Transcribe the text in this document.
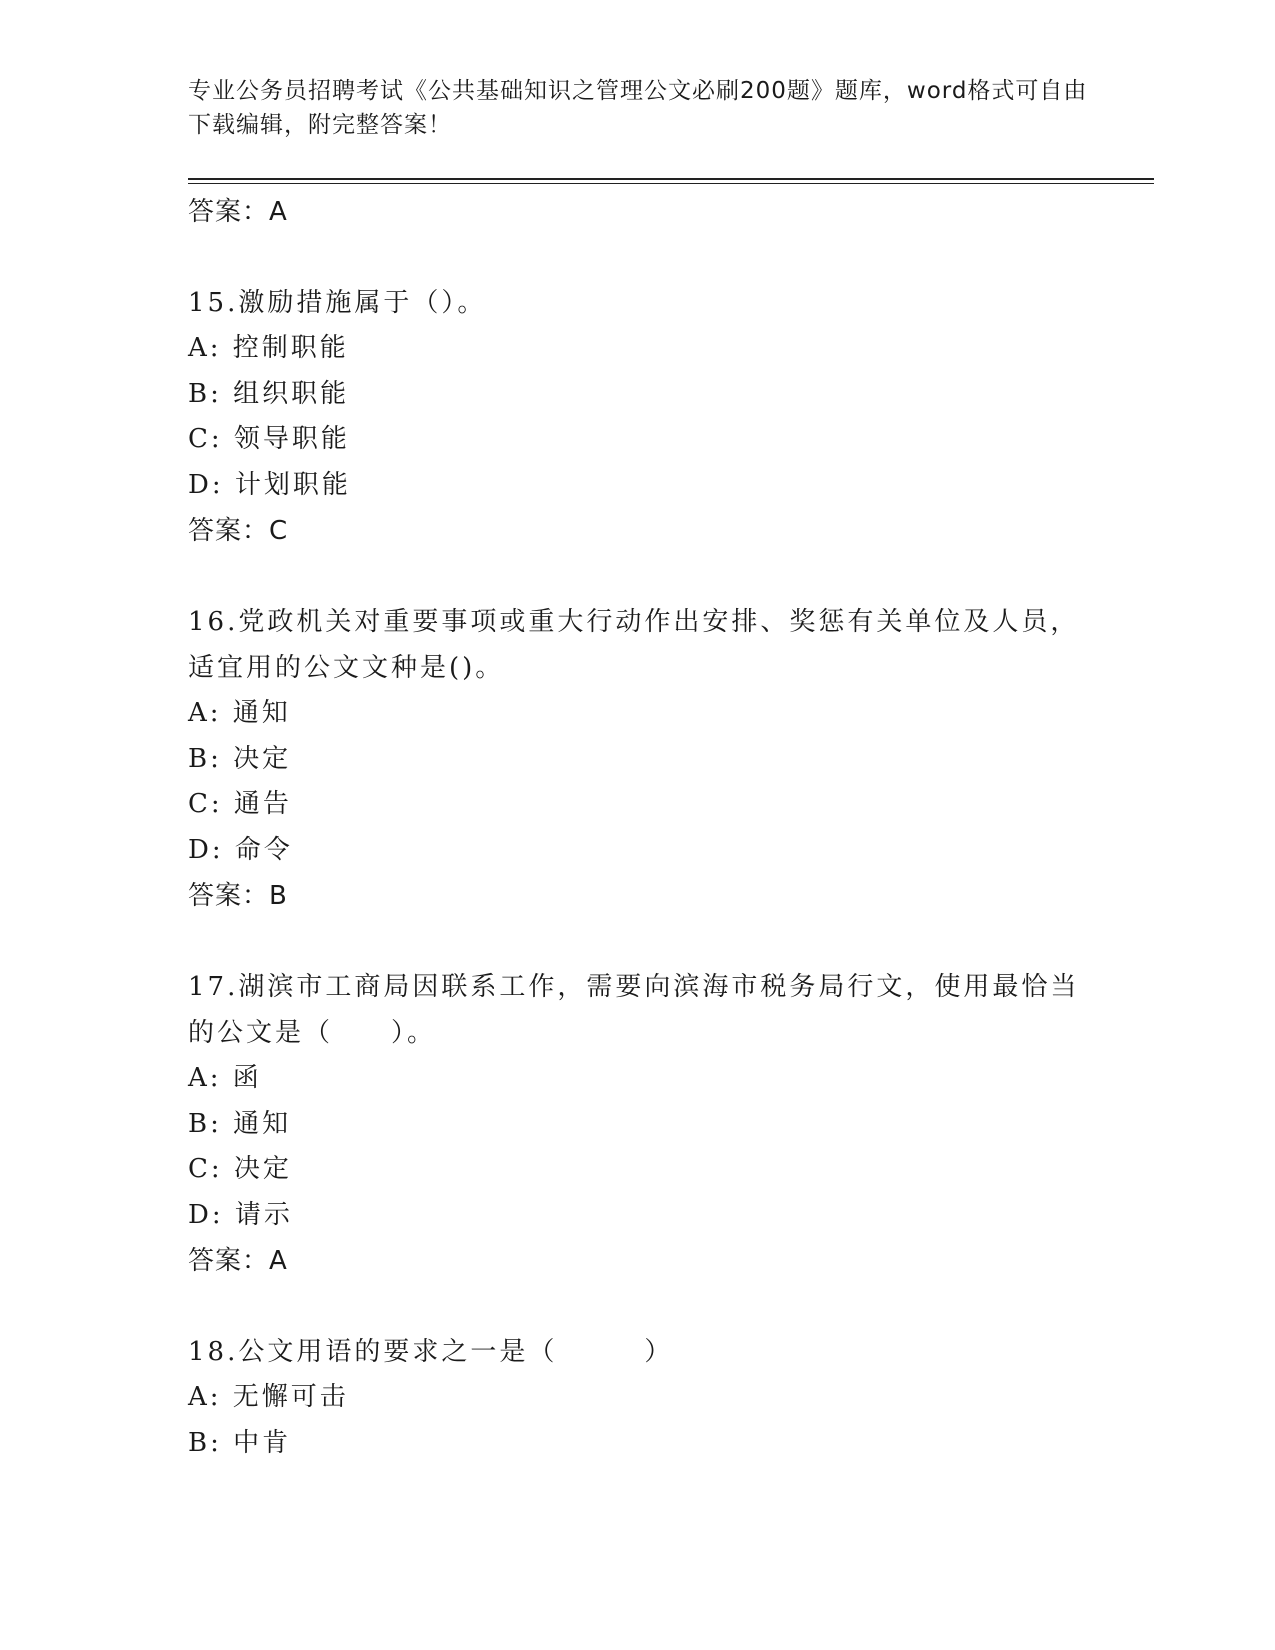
专业公务员招聘考试《公共基础知识之管理公文必刷200题》题库，word格式可自由下载编辑，附完整答案！
答案：A
15.激励措施属于（）。
A: 控制职能
B: 组织职能
C: 领导职能
D: 计划职能
答案：C
16.党政机关对重要事项或重大行动作出安排、奖惩有关单位及人员，适宜用的公文文种是()。
A: 通知
B: 决定
C: 通告
D: 命令
答案：B
17.湖滨市工商局因联系工作，需要向滨海市税务局行文，使用最恰当的公文是（　　）。
A: 函
B: 通知
C: 决定
D: 请示
答案：A
18.公文用语的要求之一是（　　　）
A: 无懈可击
B: 中肯
